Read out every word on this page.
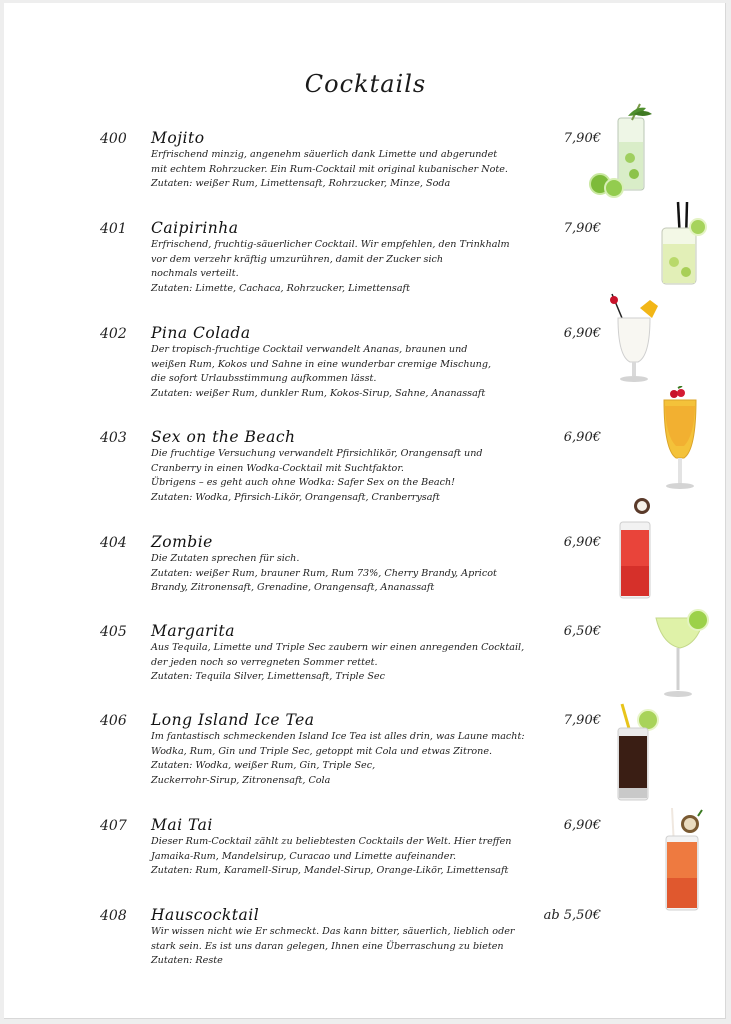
Cocktails
400	Mojito	7,90€
Erfrischend minzig, angenehm säuerlich dank Limette und abgerundet
mit echtem Rohrzucker. Ein Rum-Cocktail mit original kubanischer Note.
Zutaten: weißer Rum, Limettensaft, Rohrzucker, Minze, Soda
401	Caipirinha	7,90€
Erfrischend, fruchtig-säuerlicher Cocktail. Wir empfehlen, den Trinkhalm
vor dem verzehr kräftig umzurühren, damit der Zucker sich
nochmals verteilt.
Zutaten: Limette, Cachaca, Rohrzucker, Limettensaft
402	Pina Colada	6,90€
Der tropisch-fruchtige Cocktail verwandelt Ananas, braunen und
weißen Rum, Kokos und Sahne in eine wunderbar cremige Mischung,
die sofort Urlaubsstimmung aufkommen lässt.
Zutaten: weißer Rum, dunkler Rum, Kokos-Sirup, Sahne, Ananassaft
403	Sex on the Beach	6,90€
Die fruchtige Versuchung verwandelt Pfirsichlikör, Orangensaft und
Cranberry in einen Wodka-Cocktail mit Suchtfaktor.
Übrigens – es geht auch ohne Wodka: Safer Sex on the Beach!
Zutaten: Wodka, Pfirsich-Likör, Orangensaft, Cranberrysaft
404	Zombie	6,90€
Die Zutaten sprechen für sich.
Zutaten: weißer Rum, brauner Rum, Rum 73%, Cherry Brandy, Apricot
Brandy, Zitronensaft, Grenadine, Orangensaft, Ananassaft
405	Margarita	6,50€
Aus Tequila, Limette und Triple Sec zaubern wir einen anregenden Cocktail,
der jeden noch so verregneten Sommer rettet.
Zutaten: Tequila Silver, Limettensaft, Triple Sec
406	Long Island Ice Tea	7,90€
Im fantastisch schmeckenden Island Ice Tea ist alles drin, was Laune macht:
Wodka, Rum, Gin und Triple Sec, getoppt mit Cola und etwas Zitrone.
Zutaten: Wodka, weißer Rum, Gin, Triple Sec,
Zuckerrohr-Sirup, Zitronensaft, Cola
407	Mai Tai	6,90€
Dieser Rum-Cocktail zählt zu beliebtesten Cocktails der Welt. Hier treffen
Jamaika-Rum, Mandelsirup, Curacao und Limette aufeinander.
Zutaten: Rum, Karamell-Sirup, Mandel-Sirup, Orange-Likör, Limettensaft
408	Hauscocktail	ab 5,50€
Wir wissen nicht wie Er schmeckt. Das kann bitter, säuerlich, lieblich oder
stark sein. Es ist uns daran gelegen, Ihnen eine Überraschung zu bieten
Zutaten: Reste
